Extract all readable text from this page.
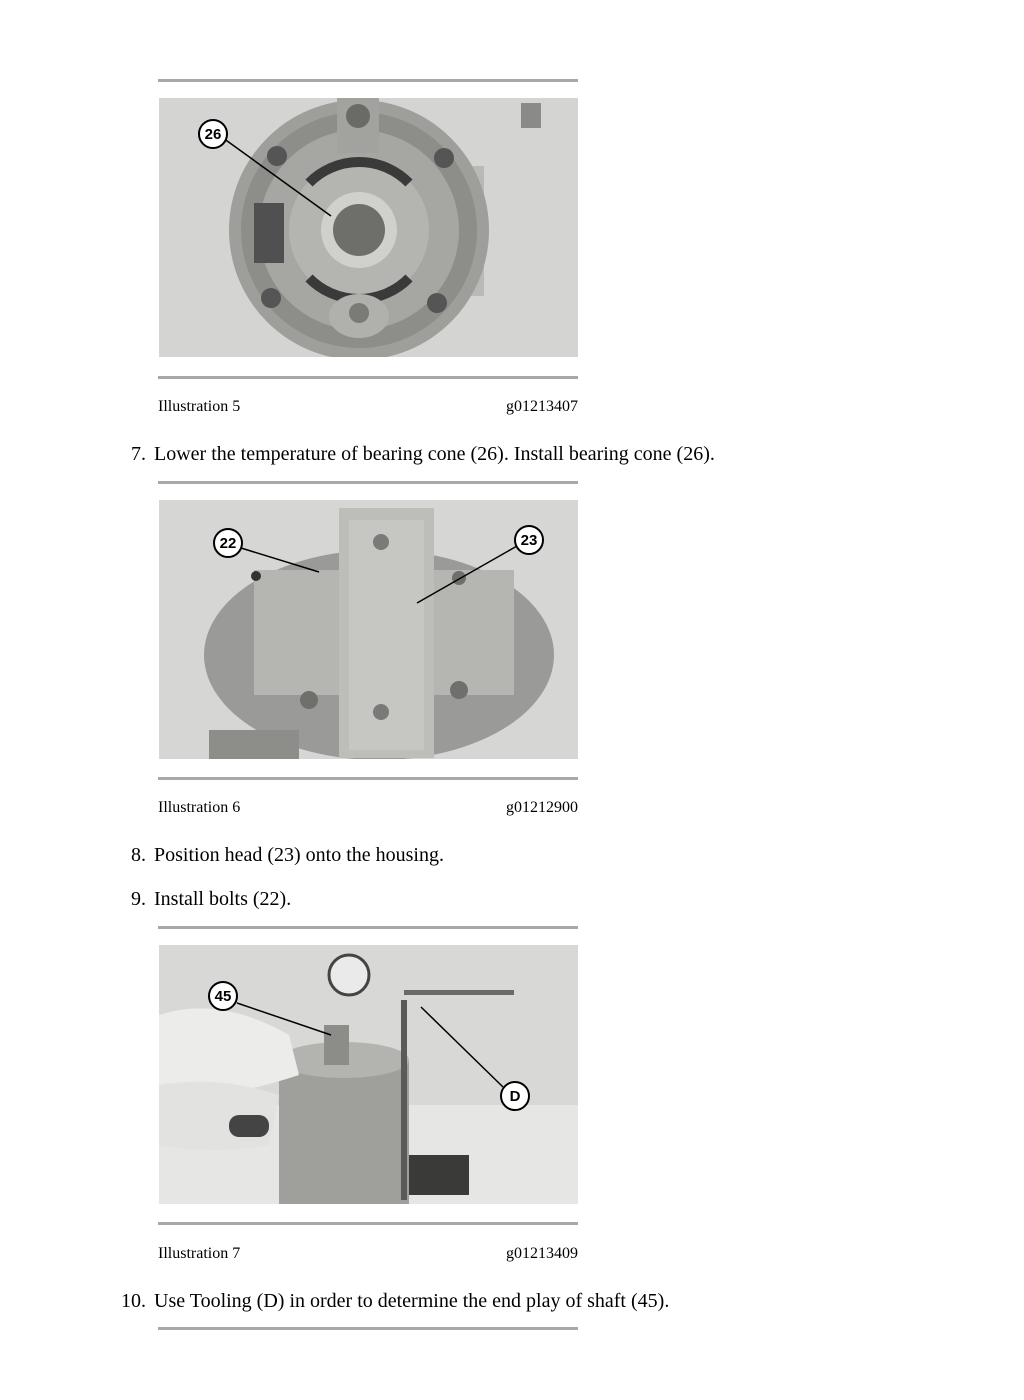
26
Illustration 5	g01213407
7. Lower the temperature of bearing cone (26). Install bearing cone (26).
22	23
Illustration 6	g01212900
8. Position head (23) onto the housing.
9. Install bolts (22).
45
D
Illustration 7	g01213409
10. Use Tooling (D) in order to determine the end play of shaft (45).
